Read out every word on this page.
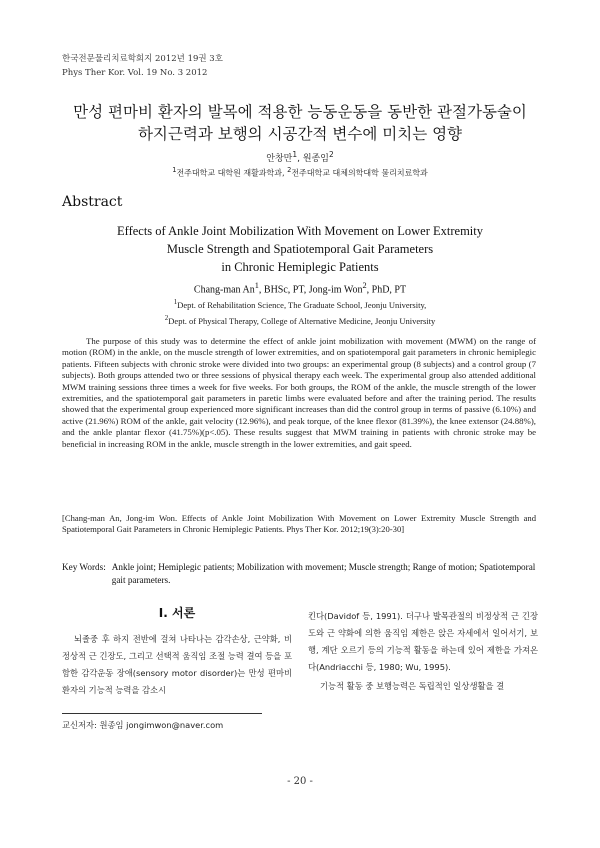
한국전문물리치료학회지 2012년 19권 3호
Phys Ther Kor. Vol. 19 No. 3 2012
만성 편마비 환자의 발목에 적용한 능동운동을 동반한 관절가동술이
하지근력과 보행의 시공간적 변수에 미치는 영향
안창만$^1$, 원종임$^2$
$^1$전주대학교 대학원 재활과학과, $^2$전주대학교 대체의학대학 물리치료학과
Abstract
Effects of Ankle Joint Mobilization With Movement on Lower Extremity
Muscle Strength and Spatiotemporal Gait Parameters
in Chronic Hemiplegic Patients
Chang-man An$^1$, BHSc, PT, Jong-im Won$^2$, PhD, PT
$^1$Dept. of Rehabilitation Science, The Graduate School, Jeonju University,
$^2$Dept. of Physical Therapy, College of Alternative Medicine, Jeonju University

The purpose of this study was to determine the effect of ankle joint mobilization with movement (MWM) on the range of motion (ROM) in the ankle, on the muscle strength of lower extremities, and on spatiotemporal gait parameters in chronic hemiplegic patients. Fifteen subjects with chronic stroke were divided into two groups: an experimental group (8 subjects) and a control group (7 subjects). Both groups attended two or three sessions of physical therapy each week. The experimental group also attended additional MWM training sessions three times a week for five weeks. For both groups, the ROM of the ankle, the muscle strength of the lower extremities, and the spatiotemporal gait parameters in paretic limbs were evaluated before and after the training period. The results showed that the experimental group experienced more significant increases than did the control group in terms of passive (6.10%) and active (21.96%) ROM of the ankle, gait velocity (12.96%), and peak torque, of the knee flexor (81.39%), the knee extensor (24.88%), and the ankle plantar flexor (41.75%)(p<.05). These results suggest that MWM training in patients with chronic stroke may be beneficial in increasing ROM in the ankle, muscle strength in the lower extremities, and gait speed.

[Chang-man An, Jong-im Won. Effects of Ankle Joint Mobilization With Movement on Lower Extremity Muscle Strength and Spatiotemporal Gait Parameters in Chronic Hemiplegic Patients. Phys Ther Kor. 2012;19(3):20-30]

Key Words: Ankle joint; Hemiplegic patients; Mobilization with movement; Muscle strength; Range of motion; Spatiotemporal gait parameters.
Ⅰ. 서론

뇌졸중 후 하지 전반에 걸쳐 나타나는 감각손상, 근약화, 비정상적 근 긴장도, 그리고 선택적 움직임 조절 능력 결여 등을 포함한 감각운동 장애(sensory motor disorder)는 만성 편마비 환자의 기능적 능력을 감소시

킨다(Davidof 등, 1991). 더구나 발목관절의 비정상적 근 긴장도와 근 약화에 의한 움직임 제한은 앉은 자세에서 일어서기, 보행, 계단 오르기 등의 기능적 활동을 하는데 있어 제한을 가져온다(Andriacchi 등, 1980; Wu, 1995).

기능적 활동 중 보행능력은 독립적인 일상생활을 결

교신저자: 원종임 jongimwon@naver.com
- 20 -
